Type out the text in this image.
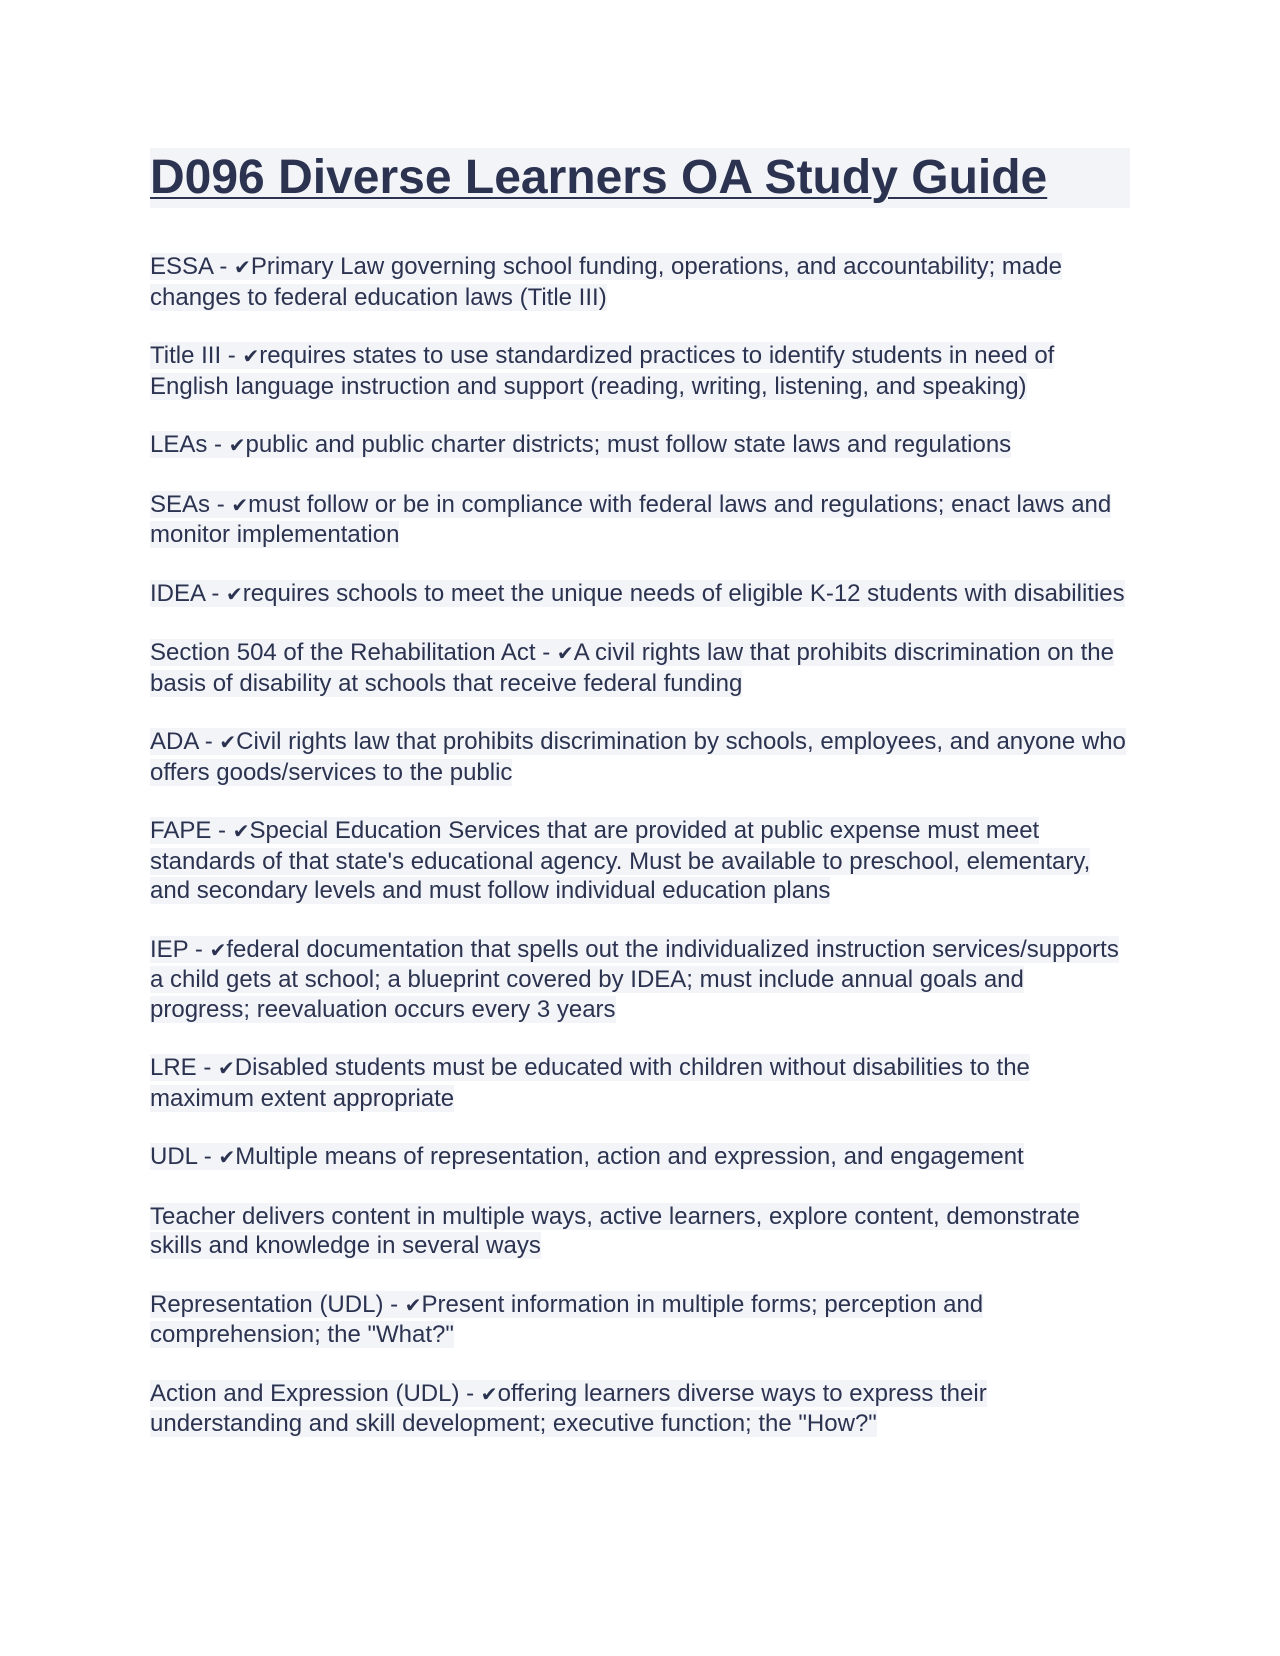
D096 Diverse Learners OA Study Guide

ESSA - ✔Primary Law governing school funding, operations, and accountability; made changes to federal education laws (Title III)

Title III - ✔requires states to use standardized practices to identify students in need of English language instruction and support (reading, writing, listening, and speaking)

LEAs - ✔public and public charter districts; must follow state laws and regulations

SEAs - ✔must follow or be in compliance with federal laws and regulations; enact laws and monitor implementation

IDEA - ✔requires schools to meet the unique needs of eligible K-12 students with disabilities

Section 504 of the Rehabilitation Act - ✔A civil rights law that prohibits discrimination on the basis of disability at schools that receive federal funding

ADA - ✔Civil rights law that prohibits discrimination by schools, employees, and anyone who offers goods/services to the public

FAPE - ✔Special Education Services that are provided at public expense must meet standards of that state's educational agency. Must be available to preschool, elementary, and secondary levels and must follow individual education plans

IEP - ✔federal documentation that spells out the individualized instruction services/supports a child gets at school; a blueprint covered by IDEA; must include annual goals and progress; reevaluation occurs every 3 years

LRE - ✔Disabled students must be educated with children without disabilities to the maximum extent appropriate

UDL - ✔Multiple means of representation, action and expression, and engagement

Teacher delivers content in multiple ways, active learners, explore content, demonstrate skills and knowledge in several ways

Representation (UDL) - ✔Present information in multiple forms; perception and comprehension; the "What?"

Action and Expression (UDL) - ✔offering learners diverse ways to express their understanding and skill development; executive function; the "How?"
